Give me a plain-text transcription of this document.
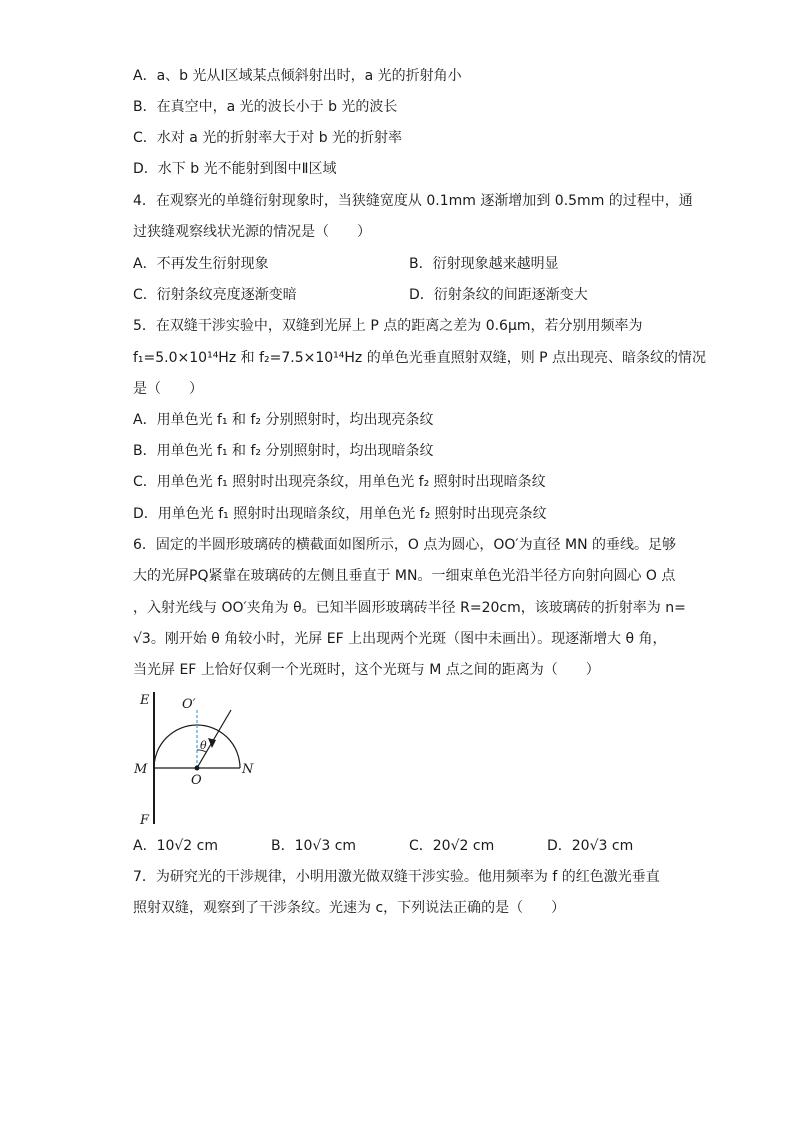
A．a、b 光从Ⅰ区域某点倾斜射出时，a 光的折射角小
B．在真空中，a 光的波长小于 b 光的波长
C．水对 a 光的折射率大于对 b 光的折射率
D．水下 b 光不能射到图中Ⅱ区域
4．在观察光的单缝衍射现象时，当狭缝宽度从 0.1mm 逐渐增加到 0.5mm 的过程中，通
过狭缝观察线状光源的情况是（　　）
A．不再发生衍射现象	B．衍射现象越来越明显
C．衍射条纹亮度逐渐变暗	D．衍射条纹的间距逐渐变大
5．在双缝干涉实验中，双缝到光屏上 P 点的距离之差为 0.6μm，若分别用频率为
f₁=5.0×10¹⁴Hz 和 f₂=7.5×10¹⁴Hz 的单色光垂直照射双缝，则 P 点出现亮、暗条纹的情况
是（　　）
A．用单色光 f₁ 和 f₂ 分别照射时，均出现亮条纹
B．用单色光 f₁ 和 f₂ 分别照射时，均出现暗条纹
C．用单色光 f₁ 照射时出现亮条纹，用单色光 f₂ 照射时出现暗条纹
D．用单色光 f₁ 照射时出现暗条纹，用单色光 f₂ 照射时出现亮条纹
6．固定的半圆形玻璃砖的横截面如图所示，O 点为圆心，OO′为直径 MN 的垂线。足够
大的光屏PQ紧靠在玻璃砖的左侧且垂直于 MN。一细束单色光沿半径方向射向圆心 O 点
，入射光线与 OO′夹角为 θ。已知半圆形玻璃砖半径 R=20cm，该玻璃砖的折射率为 n=
√3。刚开始 θ 角较小时，光屏 EF 上出现两个光斑（图中未画出）。现逐渐增大 θ 角，
当光屏 EF 上恰好仅剩一个光斑时，这个光斑与 M 点之间的距离为（　　）
E
F
M	N
O
O′
θ
A．10√2 cm	B．10√3 cm	C．20√2 cm	D．20√3 cm
7．为研究光的干涉规律，小明用激光做双缝干涉实验。他用频率为 f 的红色激光垂直
照射双缝，观察到了干涉条纹。光速为 c，下列说法正确的是（　　）
